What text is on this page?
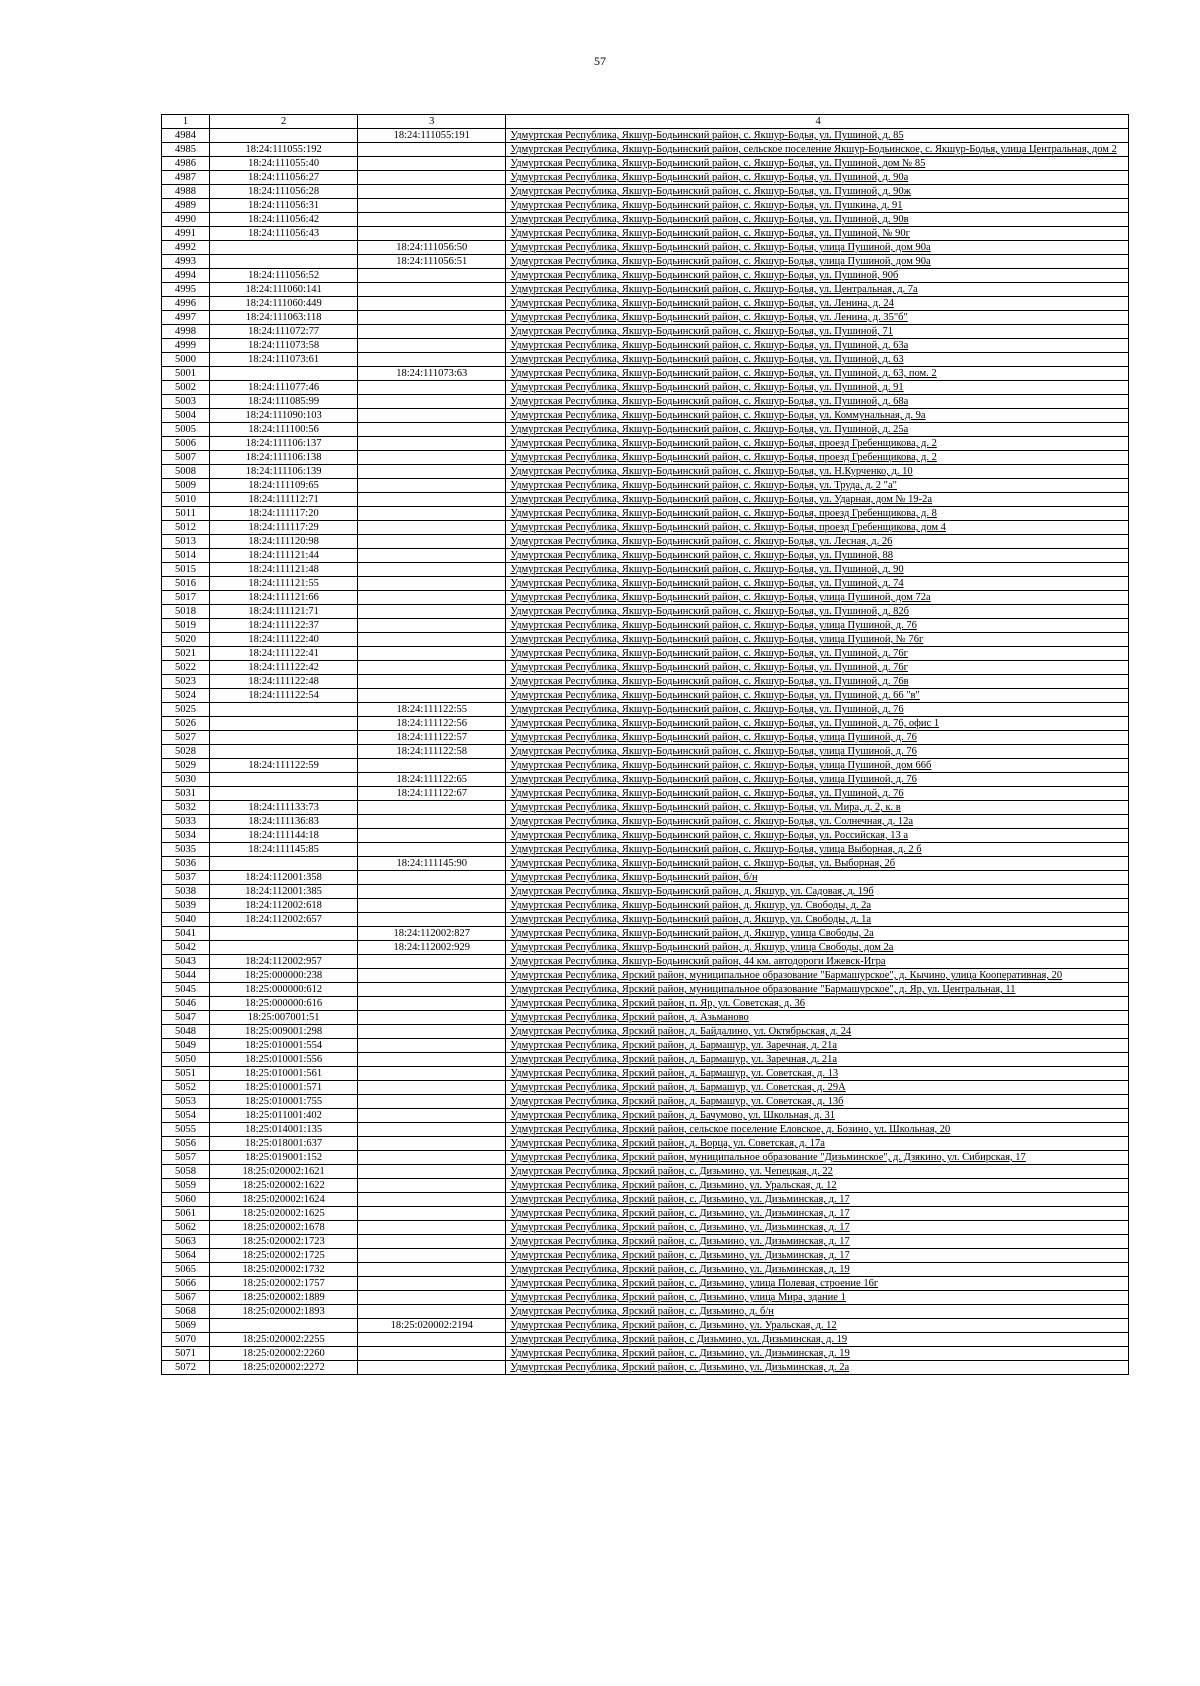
57
1	2	3	4
4984		18:24:111055:191	Удмуртская Республика, Якшур-Бодьинский район, с. Якшур-Бодья, ул. Пушиной, д. 85
4985	18:24:111055:192		Удмуртская Республика, Якшур-Бодьинский район, сельское поселение Якшур-Бодьинское, с. Якшур-Бодья, улица Центральная, дом 2
4986	18:24:111055:40		Удмуртская Республика, Якшур-Бодьинский район, с. Якшур-Бодья, ул. Пушиной, дом № 85
4987	18:24:111056:27		Удмуртская Республика, Якшур-Бодьинский район, с. Якшур-Бодья, ул. Пушиной, д. 90а
4988	18:24:111056:28		Удмуртская Республика, Якшур-Бодьинский район, с. Якшур-Бодья, ул. Пушиной, д. 90ж
4989	18:24:111056:31		Удмуртская Республика, Якшур-Бодьинский район, с. Якшур-Бодья, ул. Пушкина, д. 91
4990	18:24:111056:42		Удмуртская Республика, Якшур-Бодьинский район, с. Якшур-Бодья, ул. Пушиной, д. 90в
4991	18:24:111056:43		Удмуртская Республика, Якшур-Бодьинский район, с. Якшур-Бодья, ул. Пушиной, № 90г
4992		18:24:111056:50	Удмуртская Республика, Якшур-Бодьинский район, с. Якшур-Бодья, улица Пушиной, дом 90а
4993		18:24:111056:51	Удмуртская Республика, Якшур-Бодьинский район, с. Якшур-Бодья, улица Пушиной, дом 90а
4994	18:24:111056:52		Удмуртская Республика, Якшур-Бодьинский район, с. Якшур-Бодья, ул. Пушиной, 90б
4995	18:24:111060:141		Удмуртская Республика, Якшур-Бодьинский район, с. Якшур-Бодья, ул. Центральная, д. 7а
4996	18:24:111060:449		Удмуртская Республика, Якшур-Бодьинский район, с. Якшур-Бодья, ул. Ленина, д. 24
4997	18:24:111063:118		Удмуртская Республика, Якшур-Бодьинский район, с. Якшур-Бодья, ул. Ленина, д. 35"б"
4998	18:24:111072:77		Удмуртская Республика, Якшур-Бодьинский район, с. Якшур-Бодья, ул. Пушиной, 71
4999	18:24:111073:58		Удмуртская Республика, Якшур-Бодьинский район, с. Якшур-Бодья, ул. Пушиной, д. 63а
5000	18:24:111073:61		Удмуртская Республика, Якшур-Бодьинский район, с. Якшур-Бодья, ул. Пушиной, д. 63
5001		18:24:111073:63	Удмуртская Республика, Якшур-Бодьинский район, с. Якшур-Бодья, ул. Пушиной, д. 63, пом. 2
5002	18:24:111077:46		Удмуртская Республика, Якшур-Бодьинский район, с. Якшур-Бодья, ул. Пушиной, д. 91
5003	18:24:111085:99		Удмуртская Республика, Якшур-Бодьинский район, с. Якшур-Бодья, ул. Пушиной, д. 68а
5004	18:24:111090:103		Удмуртская Республика, Якшур-Бодьинский район, с. Якшур-Бодья, ул. Коммунальная, д. 9а
5005	18:24:111100:56		Удмуртская Республика, Якшур-Бодьинский район, с. Якшур-Бодья, ул. Пушиной, д. 25а
5006	18:24:111106:137		Удмуртская Республика, Якшур-Бодьинский район, с. Якшур-Бодья, проезд Гребенщикова, д. 2
5007	18:24:111106:138		Удмуртская Республика, Якшур-Бодьинский район, с. Якшур-Бодья, проезд Гребенщикова, д. 2
5008	18:24:111106:139		Удмуртская Республика, Якшур-Бодьинский район, с. Якшур-Бодья, ул. Н.Курченко, д. 10
5009	18:24:111109:65		Удмуртская Республика, Якшур-Бодьинский район, с. Якшур-Бодья, ул. Труда, д. 2 "а"
5010	18:24:111112:71		Удмуртская Республика, Якшур-Бодьинский район, с. Якшур-Бодья, ул. Ударная, дом № 19-2а
5011	18:24:111117:20		Удмуртская Республика, Якшур-Бодьинский район, с. Якшур-Бодья, проезд Гребенщикова, д. 8
5012	18:24:111117:29		Удмуртская Республика, Якшур-Бодьинский район, с. Якшур-Бодья, проезд Гребенщикова, дом 4
5013	18:24:111120:98		Удмуртская Республика, Якшур-Бодьинский район, с. Якшур-Бодья, ул. Лесная, д. 26
5014	18:24:111121:44		Удмуртская Республика, Якшур-Бодьинский район, с. Якшур-Бодья, ул. Пушиной, 88
5015	18:24:111121:48		Удмуртская Республика, Якшур-Бодьинский район, с. Якшур-Бодья, ул. Пушиной, д. 90
5016	18:24:111121:55		Удмуртская Республика, Якшур-Бодьинский район, с. Якшур-Бодья, ул. Пушиной, д. 74
5017	18:24:111121:66		Удмуртская Республика, Якшур-Бодьинский район, с. Якшур-Бодья, улица Пушиной, дом 72а
5018	18:24:111121:71		Удмуртская Республика, Якшур-Бодьинский район, с. Якшур-Бодья, ул. Пушиной, д. 82б
5019	18:24:111122:37		Удмуртская Республика, Якшур-Бодьинский район, с. Якшур-Бодья, улица Пушиной, д. 76
5020	18:24:111122:40		Удмуртская Республика, Якшур-Бодьинский район, с. Якшур-Бодья, улица Пушиной, № 76г
5021	18:24:111122:41		Удмуртская Республика, Якшур-Бодьинский район, с. Якшур-Бодья, ул. Пушиной, д. 76г
5022	18:24:111122:42		Удмуртская Республика, Якшур-Бодьинский район, с. Якшур-Бодья, ул. Пушиной, д. 76г
5023	18:24:111122:48		Удмуртская Республика, Якшур-Бодьинский район, с. Якшур-Бодья, ул. Пушиной, д. 76в
5024	18:24:111122:54		Удмуртская Республика, Якшур-Бодьинский район, с. Якшур-Бодья, ул. Пушиной, д. 66 "в"
5025		18:24:111122:55	Удмуртская Республика, Якшур-Бодьинский район, с. Якшур-Бодья, ул. Пушиной, д. 76
5026		18:24:111122:56	Удмуртская Республика, Якшур-Бодьинский район, с. Якшур-Бодья, ул. Пушиной, д. 76, офис 1
5027		18:24:111122:57	Удмуртская Республика, Якшур-Бодьинский район, с. Якшур-Бодья, улица Пушиной, д. 76
5028		18:24:111122:58	Удмуртская Республика, Якшур-Бодьинский район, с. Якшур-Бодья, улица Пушиной, д. 76
5029	18:24:111122:59		Удмуртская Республика, Якшур-Бодьинский район, с. Якшур-Бодья, улица Пушиной, дом 66б
5030		18:24:111122:65	Удмуртская Республика, Якшур-Бодьинский район, с. Якшур-Бодья, улица Пушиной, д. 76
5031		18:24:111122:67	Удмуртская Республика, Якшур-Бодьинский район, с. Якшур-Бодья, ул. Пушиной, д. 76
5032	18:24:111133:73		Удмуртская Республика, Якшур-Бодьинский район, с. Якшур-Бодья, ул. Мира, д. 2, к. в
5033	18:24:111136:83		Удмуртская Республика, Якшур-Бодьинский район, с. Якшур-Бодья, ул. Солнечная, д. 12а
5034	18:24:111144:18		Удмуртская Республика, Якшур-Бодьинский район, с. Якшур-Бодья, ул. Российская, 13 а
5035	18:24:111145:85		Удмуртская Республика, Якшур-Бодьинский район, с. Якшур-Бодья, улица Выборная, д. 2 б
5036		18:24:111145:90	Удмуртская Республика, Якшур-Бодьинский район, с. Якшур-Бодья, ул. Выборная, 2б
5037	18:24:112001:358		Удмуртская Республика, Якшур-Бодьинский район, б/н
5038	18:24:112001:385		Удмуртская Республика, Якшур-Бодьинский район, д. Якшур, ул. Садовая, д. 19б
5039	18:24:112002:618		Удмуртская Республика, Якшур-Бодьинский район, д. Якшур, ул. Свободы, д. 2а
5040	18:24:112002:657		Удмуртская Республика, Якшур-Бодьинский район, д. Якшур, ул. Свободы, д. 1а
5041		18:24:112002:827	Удмуртская Республика, Якшур-Бодьинский район, д. Якшур, улица Свободы, 2а
5042		18:24:112002:929	Удмуртская Республика, Якшур-Бодьинский район, д. Якшур, улица Свободы, дом 2а
5043	18:24:112002:957		Удмуртская Республика, Якшур-Бодьинский район, 44 км. автодороги Ижевск-Игра
5044	18:25:000000:238		Удмуртская Республика, Ярский район, муниципальное образование "Бармашурское", д. Кычино, улица Кооперативная, 20
5045	18:25:000000:612		Удмуртская Республика, Ярский район, муниципальное образование "Бармашурское", д. Яр, ул. Центральная, 11
5046	18:25:000000:616		Удмуртская Республика, Ярский район, п. Яр, ул. Советская, д. 36
5047	18:25:007001:51		Удмуртская Республика, Ярский район, д. Азьманово
5048	18:25:009001:298		Удмуртская Республика, Ярский район, д. Байдалино, ул. Октябрьская, д. 24
5049	18:25:010001:554		Удмуртская Республика, Ярский район, д. Бармашур, ул. Заречная, д. 21а
5050	18:25:010001:556		Удмуртская Республика, Ярский район, д. Бармашур, ул. Заречная, д. 21а
5051	18:25:010001:561		Удмуртская Республика, Ярский район, д. Бармашур, ул. Советская, д. 13
5052	18:25:010001:571		Удмуртская Республика, Ярский район, д. Бармашур, ул. Советская, д. 29А
5053	18:25:010001:755		Удмуртская Республика, Ярский район, д. Бармашур, ул. Советская, д. 13б
5054	18:25:011001:402		Удмуртская Республика, Ярский район, д. Бачумово, ул. Школьная, д. 31
5055	18:25:014001:135		Удмуртская Республика, Ярский район, сельское поселение Еловское, д. Бозино, ул. Школьная, 20
5056	18:25:018001:637		Удмуртская Республика, Ярский район, д. Ворца, ул. Советская, д. 17а
5057	18:25:019001:152		Удмуртская Республика, Ярский район, муниципальное образование "Дизьминское", д. Дзякино, ул. Сибирская, 17
5058	18:25:020002:1621		Удмуртская Республика, Ярский район, с. Дизьмино, ул. Чепецкая, д. 22
5059	18:25:020002:1622		Удмуртская Республика, Ярский район, с. Дизьмино, ул. Уральская, д. 12
5060	18:25:020002:1624		Удмуртская Республика, Ярский район, с. Дизьмино, ул. Дизьминская, д. 17
5061	18:25:020002:1625		Удмуртская Республика, Ярский район, с. Дизьмино, ул. Дизьминская, д. 17
5062	18:25:020002:1678		Удмуртская Республика, Ярский район, с. Дизьмино, ул. Дизьминская, д. 17
5063	18:25:020002:1723		Удмуртская Республика, Ярский район, с. Дизьмино, ул. Дизьминская, д. 17
5064	18:25:020002:1725		Удмуртская Республика, Ярский район, с. Дизьмино, ул. Дизьминская, д. 17
5065	18:25:020002:1732		Удмуртская Республика, Ярский район, с. Дизьмино, ул. Дизьминская, д. 19
5066	18:25:020002:1757		Удмуртская Республика, Ярский район, с. Дизьмино, улица Полевая, строение 16г
5067	18:25:020002:1889		Удмуртская Республика, Ярский район, с. Дизьмино, улица Мира, здание 1
5068	18:25:020002:1893		Удмуртская Республика, Ярский район, с. Дизьмино, д. б/н
5069		18:25:020002:2194	Удмуртская Республика, Ярский район, с. Дизьмино, ул. Уральская, д. 12
5070	18:25:020002:2255		Удмуртская Республика, Ярский район, с Дизьмино, ул. Дизьминская, д. 19
5071	18:25:020002:2260		Удмуртская Республика, Ярский район, с. Дизьмино, ул. Дизьминская, д. 19
5072	18:25:020002:2272		Удмуртская Республика, Ярский район, с. Дизьмино, ул. Дизьминская, д. 2а
